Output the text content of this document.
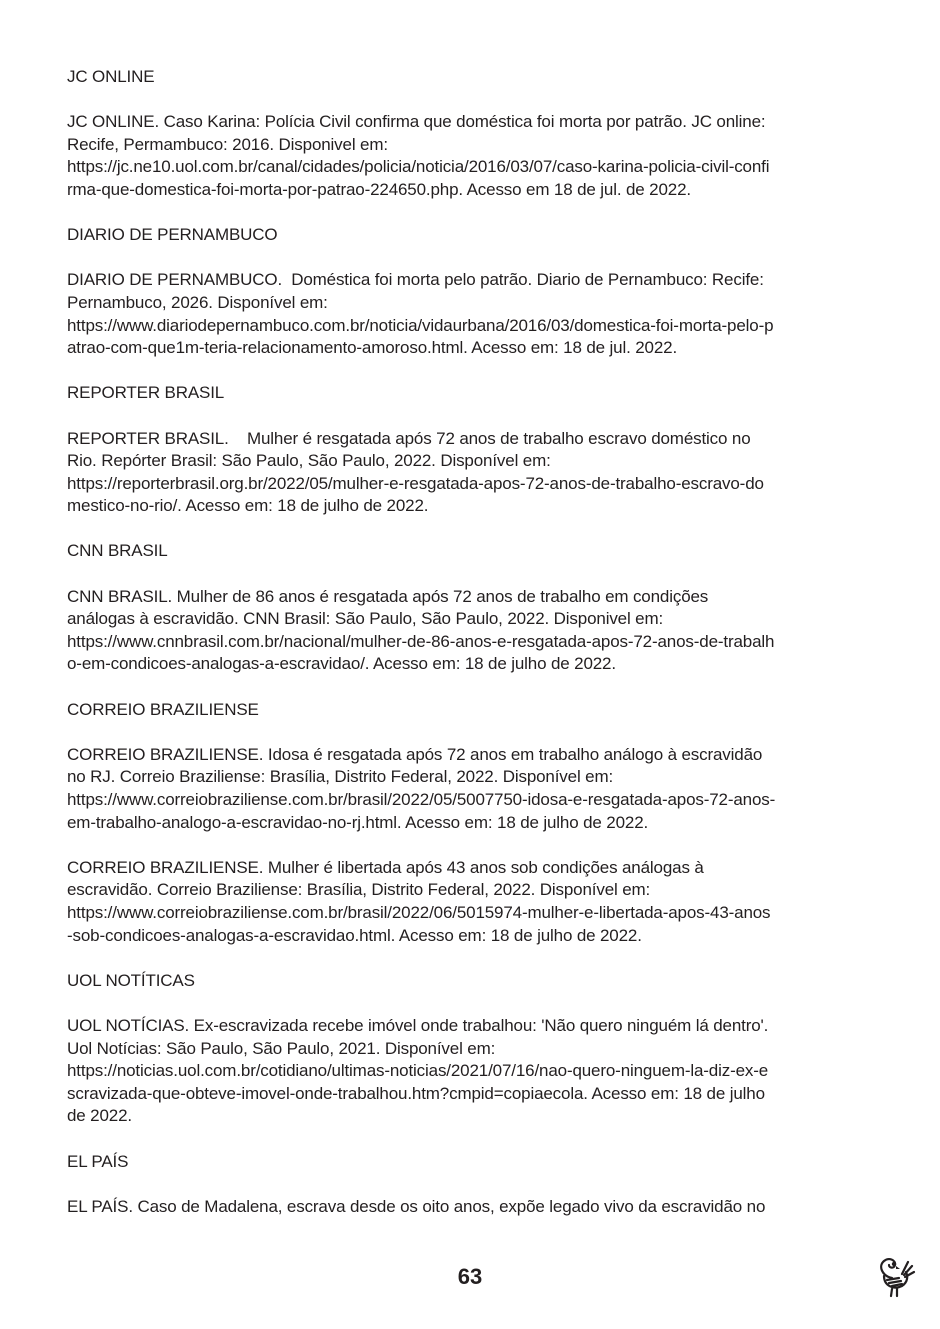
JC ONLINE
JC ONLINE. Caso Karina: Polícia Civil confirma que doméstica foi morta por patrão. JC online:
Recife, Permambuco: 2016. Disponivel em:
https://jc.ne10.uol.com.br/canal/cidades/policia/noticia/2016/03/07/caso-karina-policia-civil-confi
rma-que-domestica-foi-morta-por-patrao-224650.php. Acesso em 18 de jul. de 2022.
DIARIO DE PERNAMBUCO
DIARIO DE PERNAMBUCO.  Doméstica foi morta pelo patrão. Diario de Pernambuco: Recife:
Pernambuco, 2026. Disponível em:
https://www.diariodepernambuco.com.br/noticia/vidaurbana/2016/03/domestica-foi-morta-pelo-p
atrao-com-que1m-teria-relacionamento-amoroso.html. Acesso em: 18 de jul. 2022.
REPORTER BRASIL
REPORTER BRASIL.    Mulher é resgatada após 72 anos de trabalho escravo doméstico no
Rio. Repórter Brasil: São Paulo, São Paulo, 2022. Disponível em:
https://reporterbrasil.org.br/2022/05/mulher-e-resgatada-apos-72-anos-de-trabalho-escravo-do
mestico-no-rio/. Acesso em: 18 de julho de 2022.
CNN BRASIL
CNN BRASIL. Mulher de 86 anos é resgatada após 72 anos de trabalho em condições
análogas à escravidão. CNN Brasil: São Paulo, São Paulo, 2022. Disponivel em:
https://www.cnnbrasil.com.br/nacional/mulher-de-86-anos-e-resgatada-apos-72-anos-de-trabalh
o-em-condicoes-analogas-a-escravidao/. Acesso em: 18 de julho de 2022.
CORREIO BRAZILIENSE
CORREIO BRAZILIENSE. Idosa é resgatada após 72 anos em trabalho análogo à escravidão
no RJ. Correio Braziliense: Brasília, Distrito Federal, 2022. Disponível em:
https://www.correiobraziliense.com.br/brasil/2022/05/5007750-idosa-e-resgatada-apos-72-anos-
em-trabalho-analogo-a-escravidao-no-rj.html. Acesso em: 18 de julho de 2022.
CORREIO BRAZILIENSE. Mulher é libertada após 43 anos sob condições análogas à
escravidão. Correio Braziliense: Brasília, Distrito Federal, 2022. Disponível em:
https://www.correiobraziliense.com.br/brasil/2022/06/5015974-mulher-e-libertada-apos-43-anos
-sob-condicoes-analogas-a-escravidao.html. Acesso em: 18 de julho de 2022.
UOL NOTÍTICAS
UOL NOTÍCIAS. Ex-escravizada recebe imóvel onde trabalhou: 'Não quero ninguém lá dentro'.
Uol Notícias: São Paulo, São Paulo, 2021. Disponível em:
https://noticias.uol.com.br/cotidiano/ultimas-noticias/2021/07/16/nao-quero-ninguem-la-diz-ex-e
scravizada-que-obteve-imovel-onde-trabalhou.htm?cmpid=copiaecola. Acesso em: 18 de julho
de 2022.
EL PAÍS
EL PAÍS. Caso de Madalena, escrava desde os oito anos, expõe legado vivo da escravidão no
63
